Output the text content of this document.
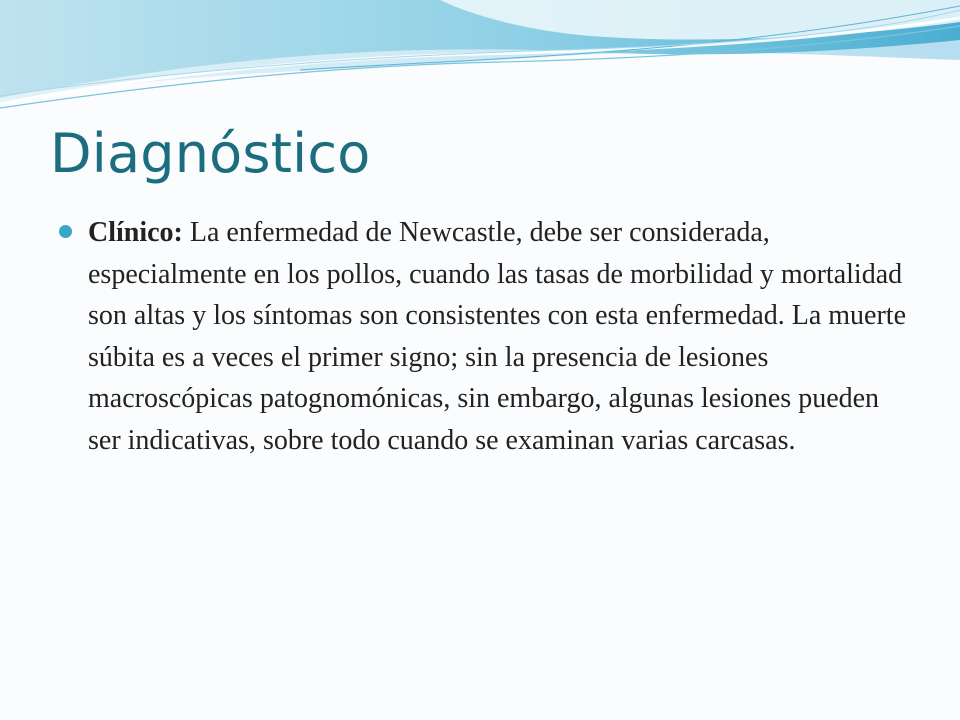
Diagnóstico
Clínico: La enfermedad de Newcastle, debe ser considerada, especialmente en los pollos, cuando las tasas de morbilidad y mortalidad son altas y los síntomas son consistentes con esta enfermedad. La muerte súbita es a veces el primer signo; sin la presencia de lesiones macroscópicas patognomónicas, sin embargo, algunas lesiones pueden ser indicativas, sobre todo cuando se examinan varias carcasas.
